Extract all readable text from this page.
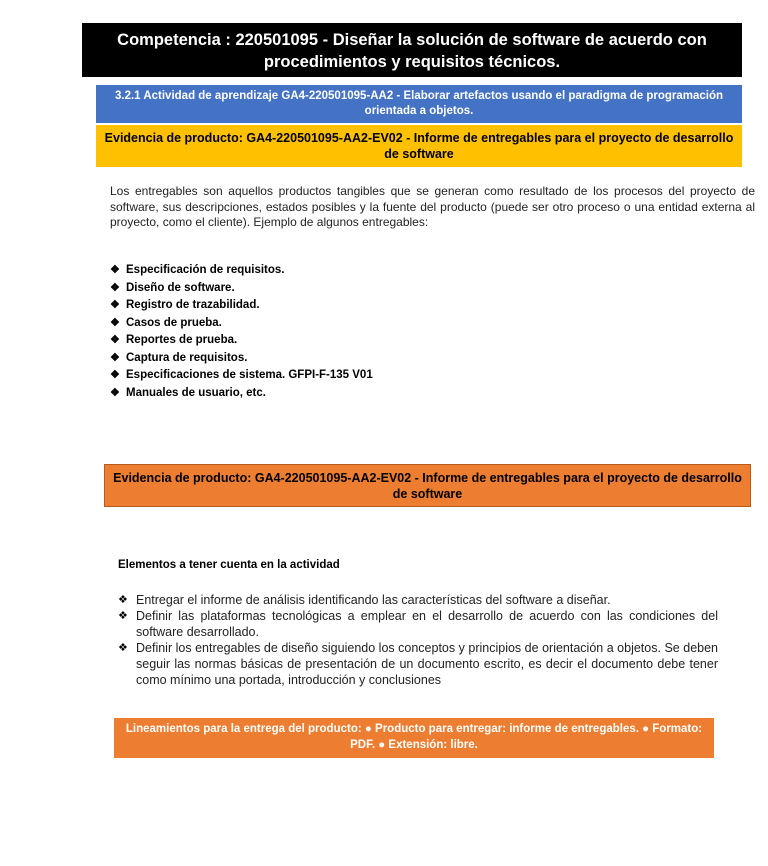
Competencia : 220501095 - Diseñar la solución de software de acuerdo con procedimientos y requisitos técnicos.
3.2.1 Actividad de aprendizaje GA4-220501095-AA2 - Elaborar artefactos usando el paradigma de programación orientada a objetos.
Evidencia de producto: GA4-220501095-AA2-EV02 - Informe de entregables para el proyecto de desarrollo de software
Los entregables son aquellos productos tangibles que se generan como resultado de los procesos del proyecto de software, sus descripciones, estados posibles y la fuente del producto (puede ser otro proceso o una entidad externa al proyecto, como el cliente). Ejemplo de algunos entregables:
❖ Especificación de requisitos.
❖ Diseño de software.
❖ Registro de trazabilidad.
❖ Casos de prueba.
❖ Reportes de prueba.
❖ Captura de requisitos.
❖ Especificaciones de sistema. GFPI-F-135 V01
❖ Manuales de usuario, etc.
Evidencia de producto: GA4-220501095-AA2-EV02 - Informe de entregables para el proyecto de desarrollo de software
Elementos a tener cuenta en la actividad
❖ Entregar el informe de análisis identificando las características del software a diseñar.
❖ Definir las plataformas tecnológicas a emplear en el desarrollo de acuerdo con las condiciones del software desarrollado.
❖ Definir los entregables de diseño siguiendo los conceptos y principios de orientación a objetos. Se deben seguir las normas básicas de presentación de un documento escrito, es decir el documento debe tener como mínimo una portada, introducción y conclusiones
Lineamientos para la entrega del producto: ● Producto para entregar: informe de entregables. ● Formato: PDF. ● Extensión: libre.
